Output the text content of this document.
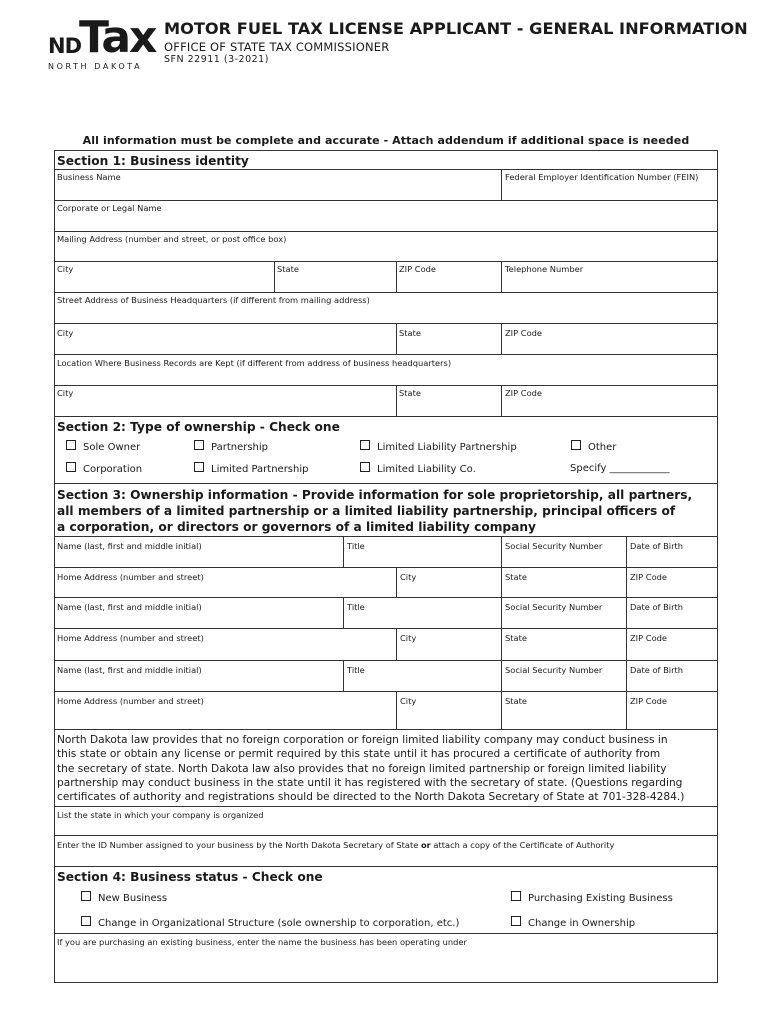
ND
Tax
NORTH DAKOTA
MOTOR FUEL TAX LICENSE APPLICANT - GENERAL INFORMATION
OFFICE OF STATE TAX COMMISSIONER
SFN 22911 (3-2021)
All information must be complete and accurate - Attach addendum if additional space is needed
Section 1: Business identity
Business Name	Federal Employer Identification Number (FEIN)
Corporate or Legal Name
Mailing Address (number and street, or post office box)
City	State	ZIP Code	Telephone Number
Street Address of Business Headquarters (if different from mailing address)
City	State	ZIP Code
Location Where Business Records are Kept (if different from address of business headquarters)
City	State	ZIP Code
Section 2: Type of ownership - Check one
Sole Owner	Partnership	Limited Liability Partnership	Other
Corporation	Limited Partnership	Limited Liability Co.	Specify ____________
Section 3: Ownership information - Provide information for sole proprietorship, all partners,
all members of a limited partnership or a limited liability partnership, principal officers of
a corporation, or directors or governors of a limited liability company
Name (last, first and middle initial)	Title	Social Security Number	Date of Birth
Home Address (number and street)	City	State	ZIP Code
Name (last, first and middle initial)	Title	Social Security Number	Date of Birth
Home Address (number and street)	City	State	ZIP Code
Name (last, first and middle initial)	Title	Social Security Number	Date of Birth
Home Address (number and street)	City	State	ZIP Code
North Dakota law provides that no foreign corporation or foreign limited liability company may conduct business in
this state or obtain any license or permit required by this state until it has procured a certificate of authority from
the secretary of state. North Dakota law also provides that no foreign limited partnership or foreign limited liability
partnership may conduct business in the state until it has registered with the secretary of state. (Questions regarding
certificates of authority and registrations should be directed to the North Dakota Secretary of State at 701-328-4284.)
List the state in which your company is organized
Enter the ID Number assigned to your business by the North Dakota Secretary of State or attach a copy of the Certificate of Authority
Section 4: Business status - Check one
New Business	Purchasing Existing Business
Change in Organizational Structure (sole ownership to corporation, etc.)	Change in Ownership
If you are purchasing an existing business, enter the name the business has been operating under
